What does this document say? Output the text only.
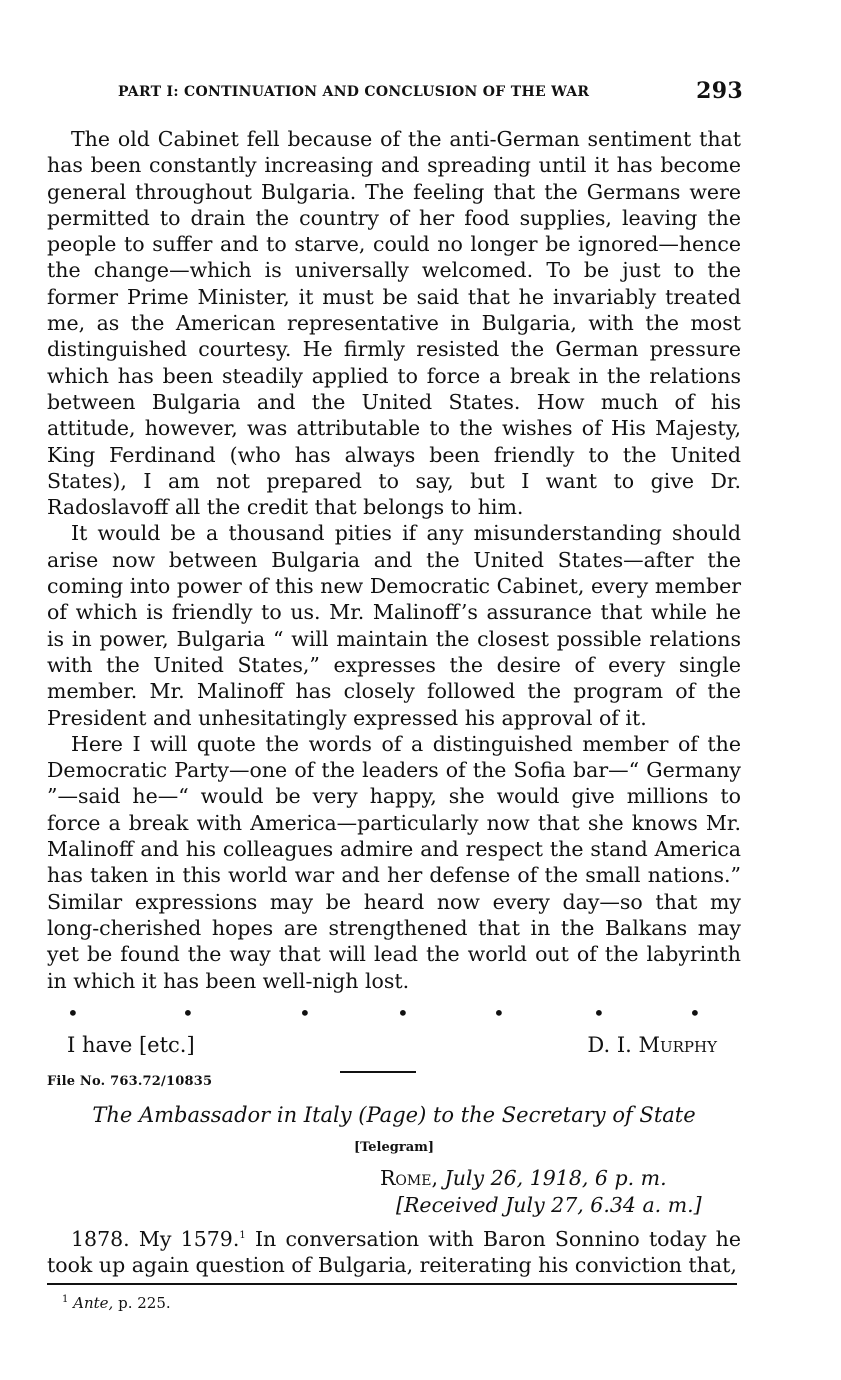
PART I: CONTINUATION AND CONCLUSION OF THE WAR	293

The old Cabinet fell because of the anti-German sentiment that has been constantly increasing and spreading until it has become general throughout Bulgaria. The feeling that the Germans were permitted to drain the country of her food supplies, leaving the people to suffer and to starve, could no longer be ignored—hence the change—which is universally welcomed. To be just to the former Prime Minister, it must be said that he invariably treated me, as the American representative in Bulgaria, with the most distinguished courtesy. He firmly resisted the German pressure which has been steadily applied to force a break in the relations between Bulgaria and the United States. How much of his attitude, however, was attributable to the wishes of His Majesty, King Ferdinand (who has always been friendly to the United States), I am not prepared to say, but I want to give Dr. Radoslavoff all the credit that belongs to him.

It would be a thousand pities if any misunderstanding should arise now between Bulgaria and the United States—after the coming into power of this new Democratic Cabinet, every member of which is friendly to us. Mr. Malinoff’s assurance that while he is in power, Bulgaria “ will maintain the closest possible relations with the United States,” expresses the desire of every single member. Mr. Malinoff has closely followed the program of the President and unhesitatingly expressed his approval of it.

Here I will quote the words of a distinguished member of the Democratic Party—one of the leaders of the Sofia bar—“ Germany ”—said he—“ would be very happy, she would give millions to force a break with America—particularly now that she knows Mr. Malinoff and his colleagues admire and respect the stand America has taken in this world war and her defense of the small nations.” Similar expressions may be heard now every day—so that my long-cherished hopes are strengthened that in the Balkans may yet be found the way that will lead the world out of the labyrinth in which it has been well-nigh lost.

•	•	•	•	•	•	•
I have [etc.]	D. I. Murphy
File No. 763.72/10835
The Ambassador in Italy (Page) to the Secretary of State
[Telegram]
Rome, July 26, 1918, 6 p. m.
[Received July 27, 6.34 a. m.]

1878. My 1579.$^1$ In conversation with Baron Sonnino today he took up again question of Bulgaria, reiterating his conviction that,

$^1$ Ante, p. 225.
